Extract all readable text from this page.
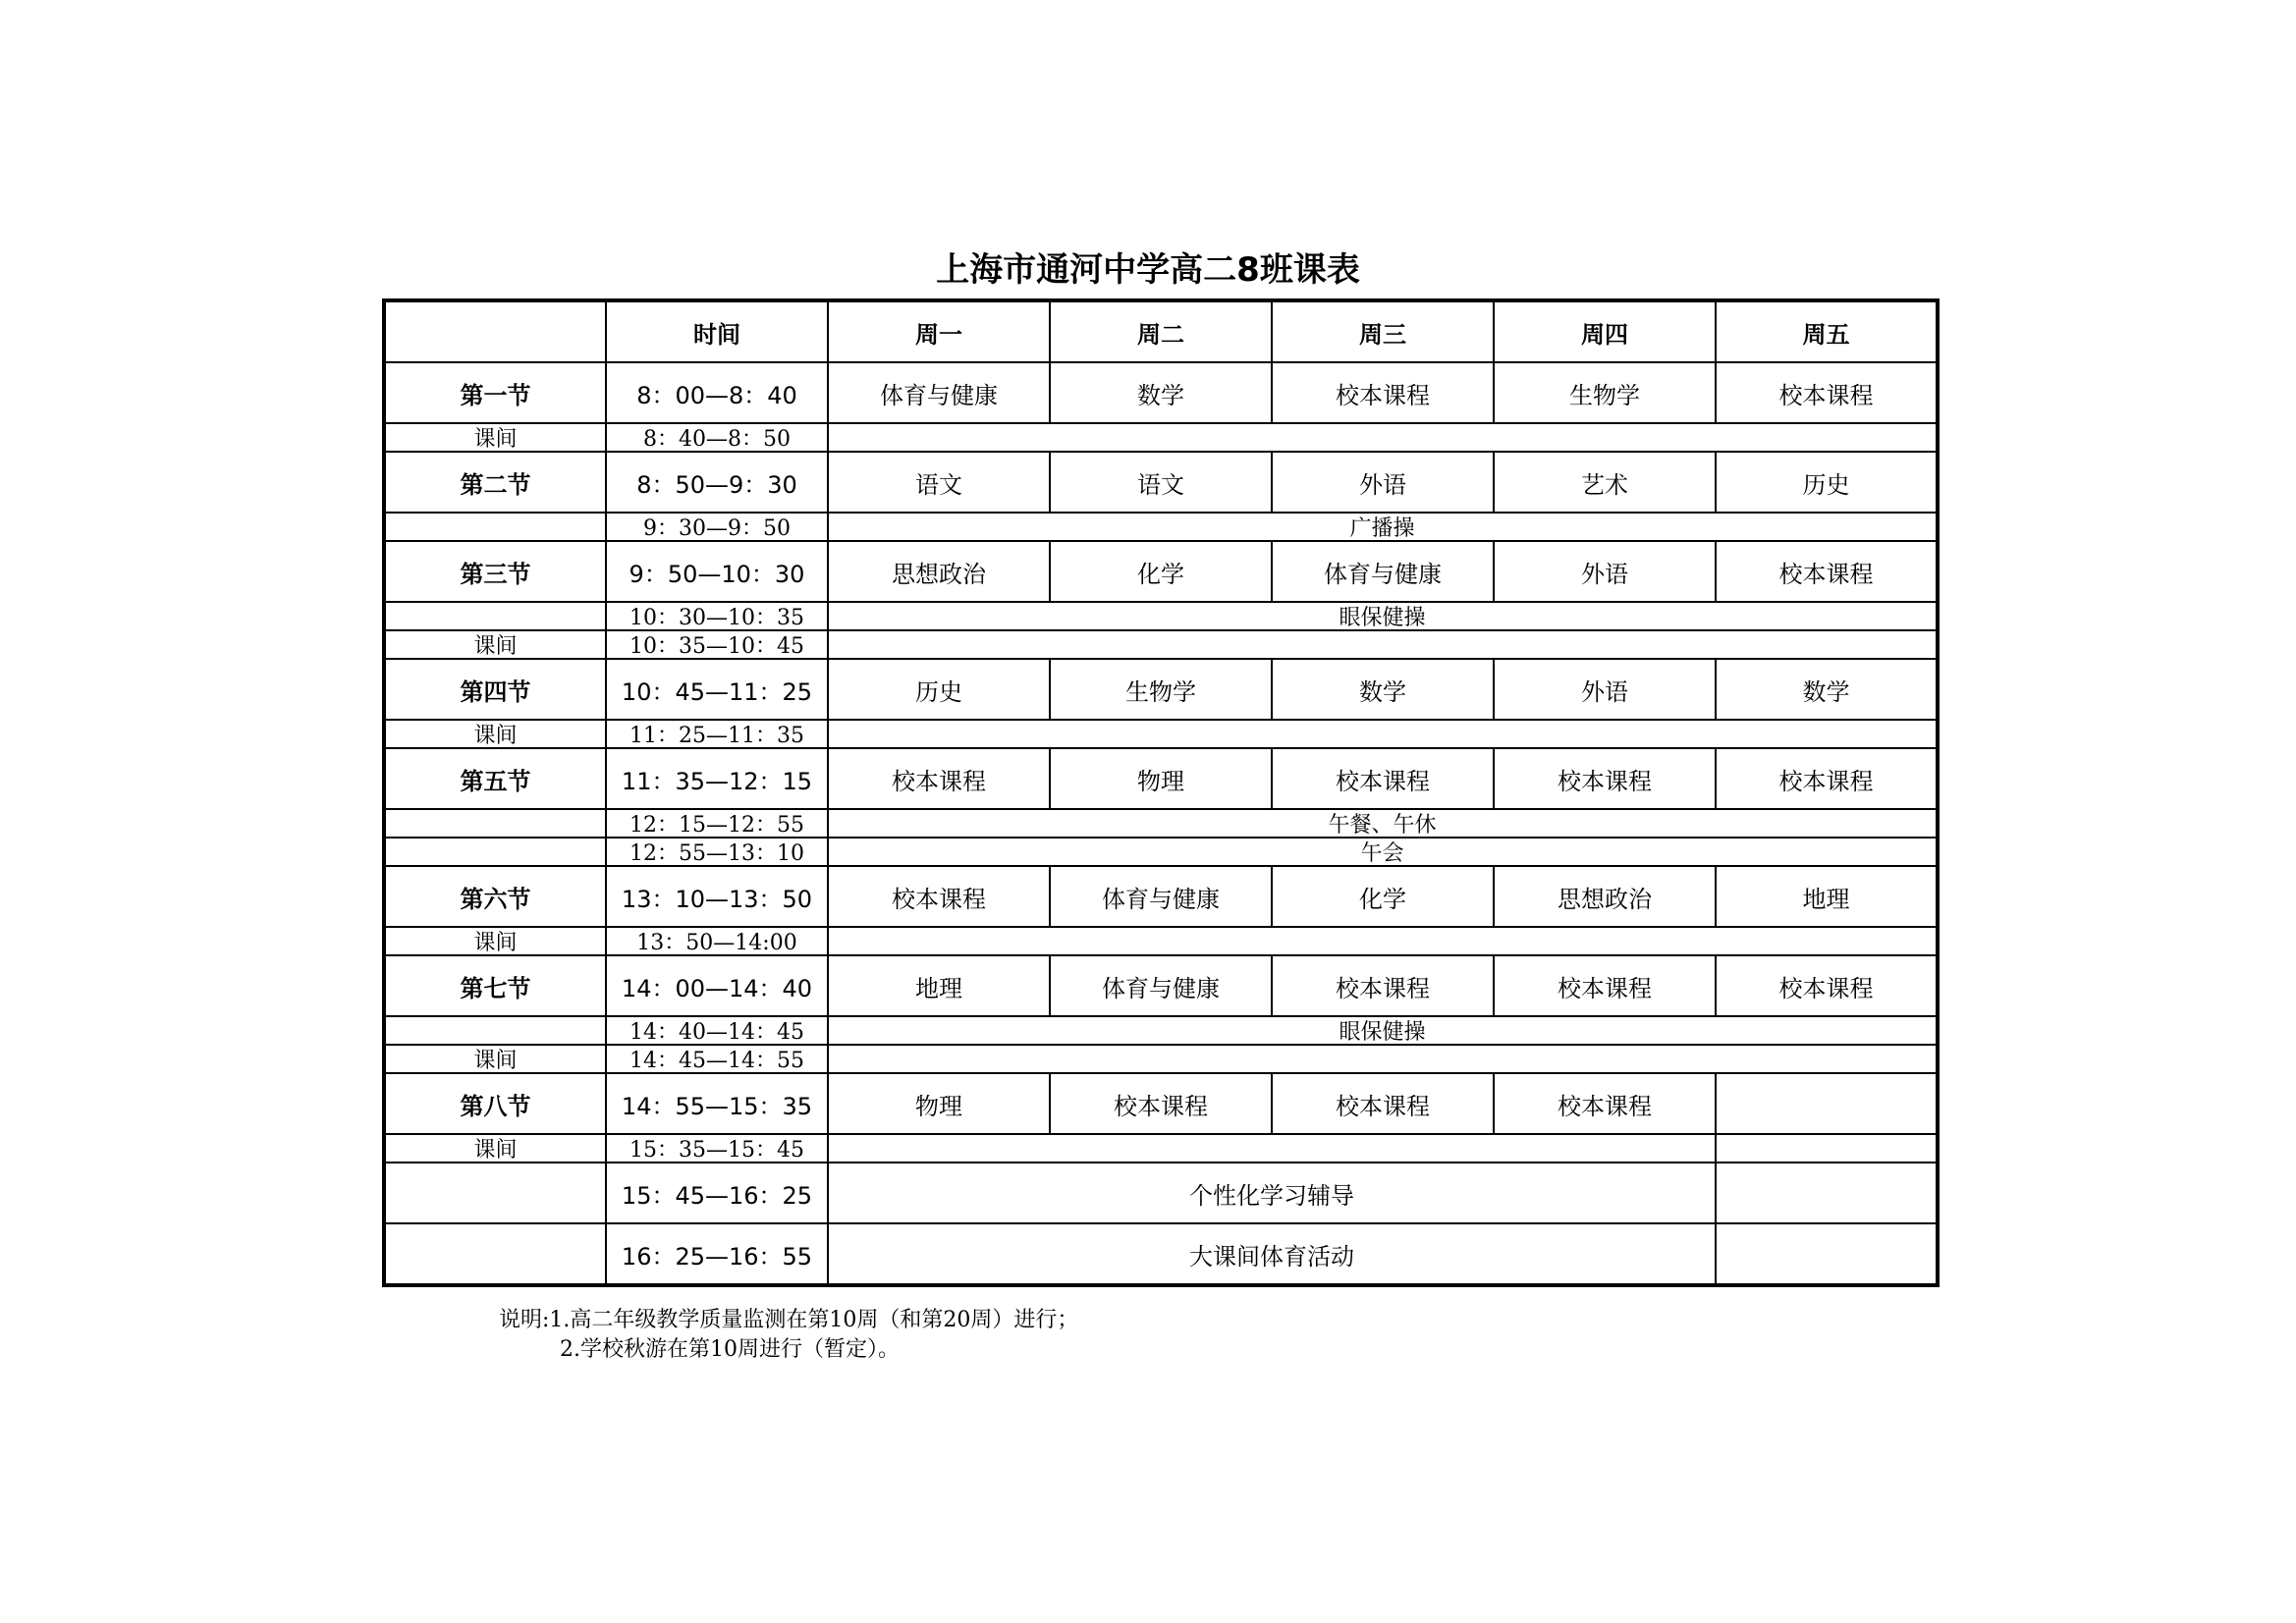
上海市通河中学高二8班课表
	时间	周一	周二	周三	周四	周五
第一节	8：00—8：40	体育与健康	数学	校本课程	生物学	校本课程
课间	8：40—8：50					
第二节	8：50—9：30	语文	语文	外语	艺术	历史
	9：30—9：50	广播操				
第三节	9：50—10：30	思想政治	化学	体育与健康	外语	校本课程
	10：30—10：35	眼保健操				
课间	10：35—10：45					
第四节	10：45—11：25	历史	生物学	数学	外语	数学
课间	11：25—11：35					
第五节	11：35—12：15	校本课程	物理	校本课程	校本课程	校本课程
	12：15—12：55	午餐、午休				
	12：55—13：10	午会				
第六节	13：10—13：50	校本课程	体育与健康	化学	思想政治	地理
课间	13：50—14:00					
第七节	14：00—14：40	地理	体育与健康	校本课程	校本课程	校本课程
	14：40—14：45	眼保健操				
课间	14：45—14：55					
第八节	14：55—15：35	物理	校本课程	校本课程	校本课程	
课间	15：35—15：45					
	15：45—16：25	个性化学习辅导				
	16：25—16：55	大课间体育活动				
说明:1.高二年级教学质量监测在第10周（和第20周）进行；
2.学校秋游在第10周进行（暂定）。
